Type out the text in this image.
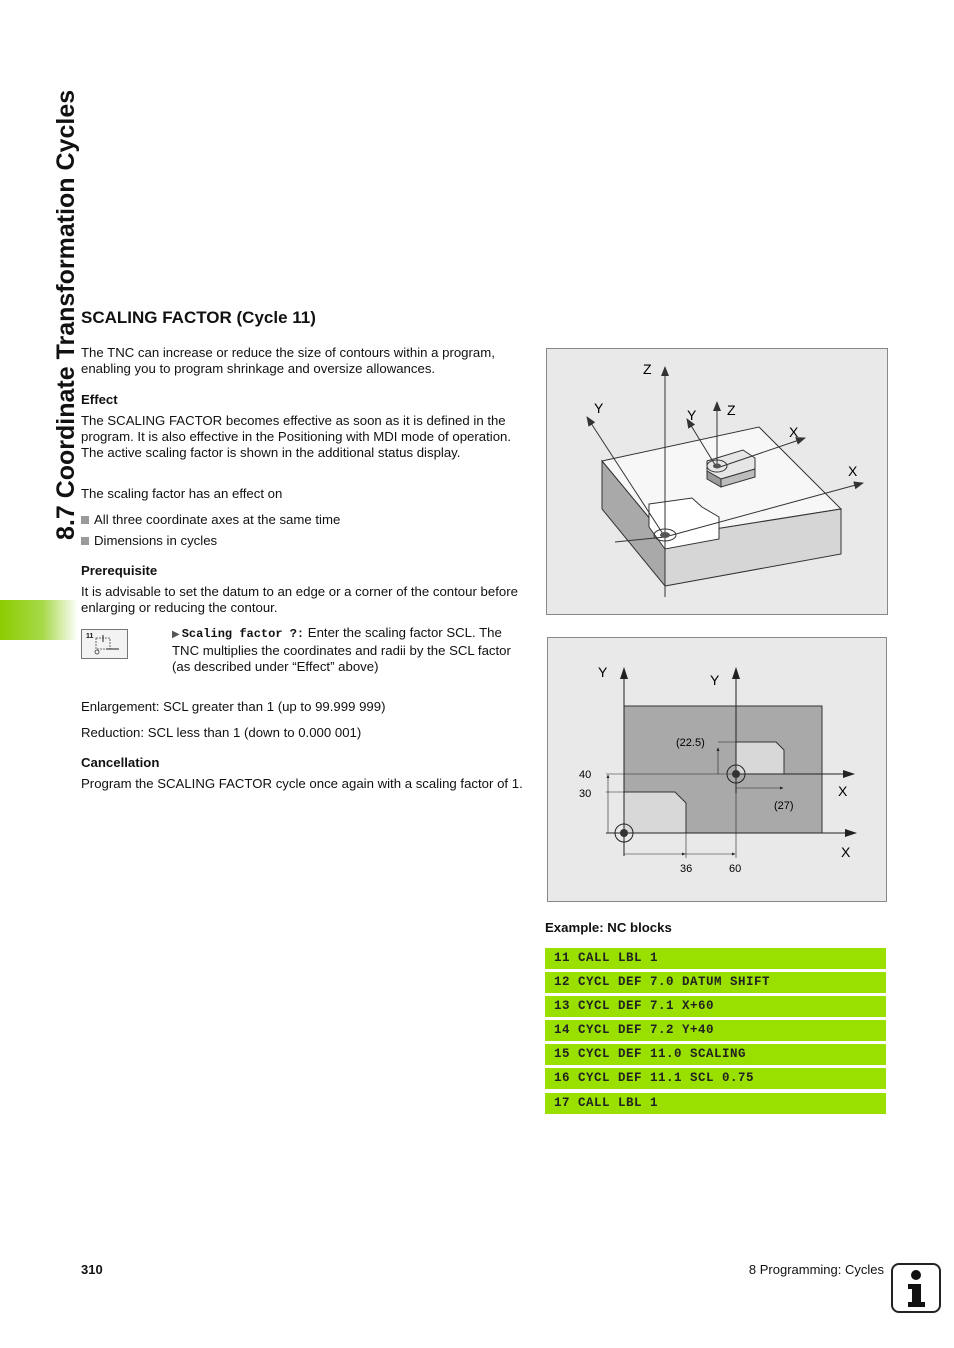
8.7 Coordinate Transformation Cycles SCALING FACTOR (Cycle 11)

The TNC can increase or reduce the size of contours within a program, enabling you to program shrinkage and oversize allowances.

Effect

The SCALING FACTOR becomes effective as soon as it is defined in the program. It is also effective in the Positioning with MDI mode of operation. The active scaling factor is shown in the additional status display.

The scaling factor has an effect on

All three coordinate axes at the same time
Dimensions in cycles

Prerequisite

It is advisable to set the datum to an edge or a corner of the contour before enlarging or reducing the contour.

11	▶ Scaling factor ?: Enter the scaling factor SCL. The TNC multiplies the coordinates and radii by the SCL factor (as described under “Effect” above)

Enlargement: SCL greater than 1 (up to 99.999 999)

Reduction: SCL less than 1 (down to 0.000 001)

Cancellation

Program the SCALING FACTOR cycle once again with a scaling factor of 1.

Z
Y	Y Z
X
X
Y	Y
X
X
40
30
36	60
(22.5)
(27)

Example: NC blocks

11 CALL LBL 1
12 CYCL DEF 7.0 DATUM SHIFT
13 CYCL DEF 7.1 X+60
14 CYCL DEF 7.2 Y+40
15 CYCL DEF 11.0 SCALING
16 CYCL DEF 11.1 SCL 0.75
17 CALL LBL 1
310	8 Programming: Cycles
